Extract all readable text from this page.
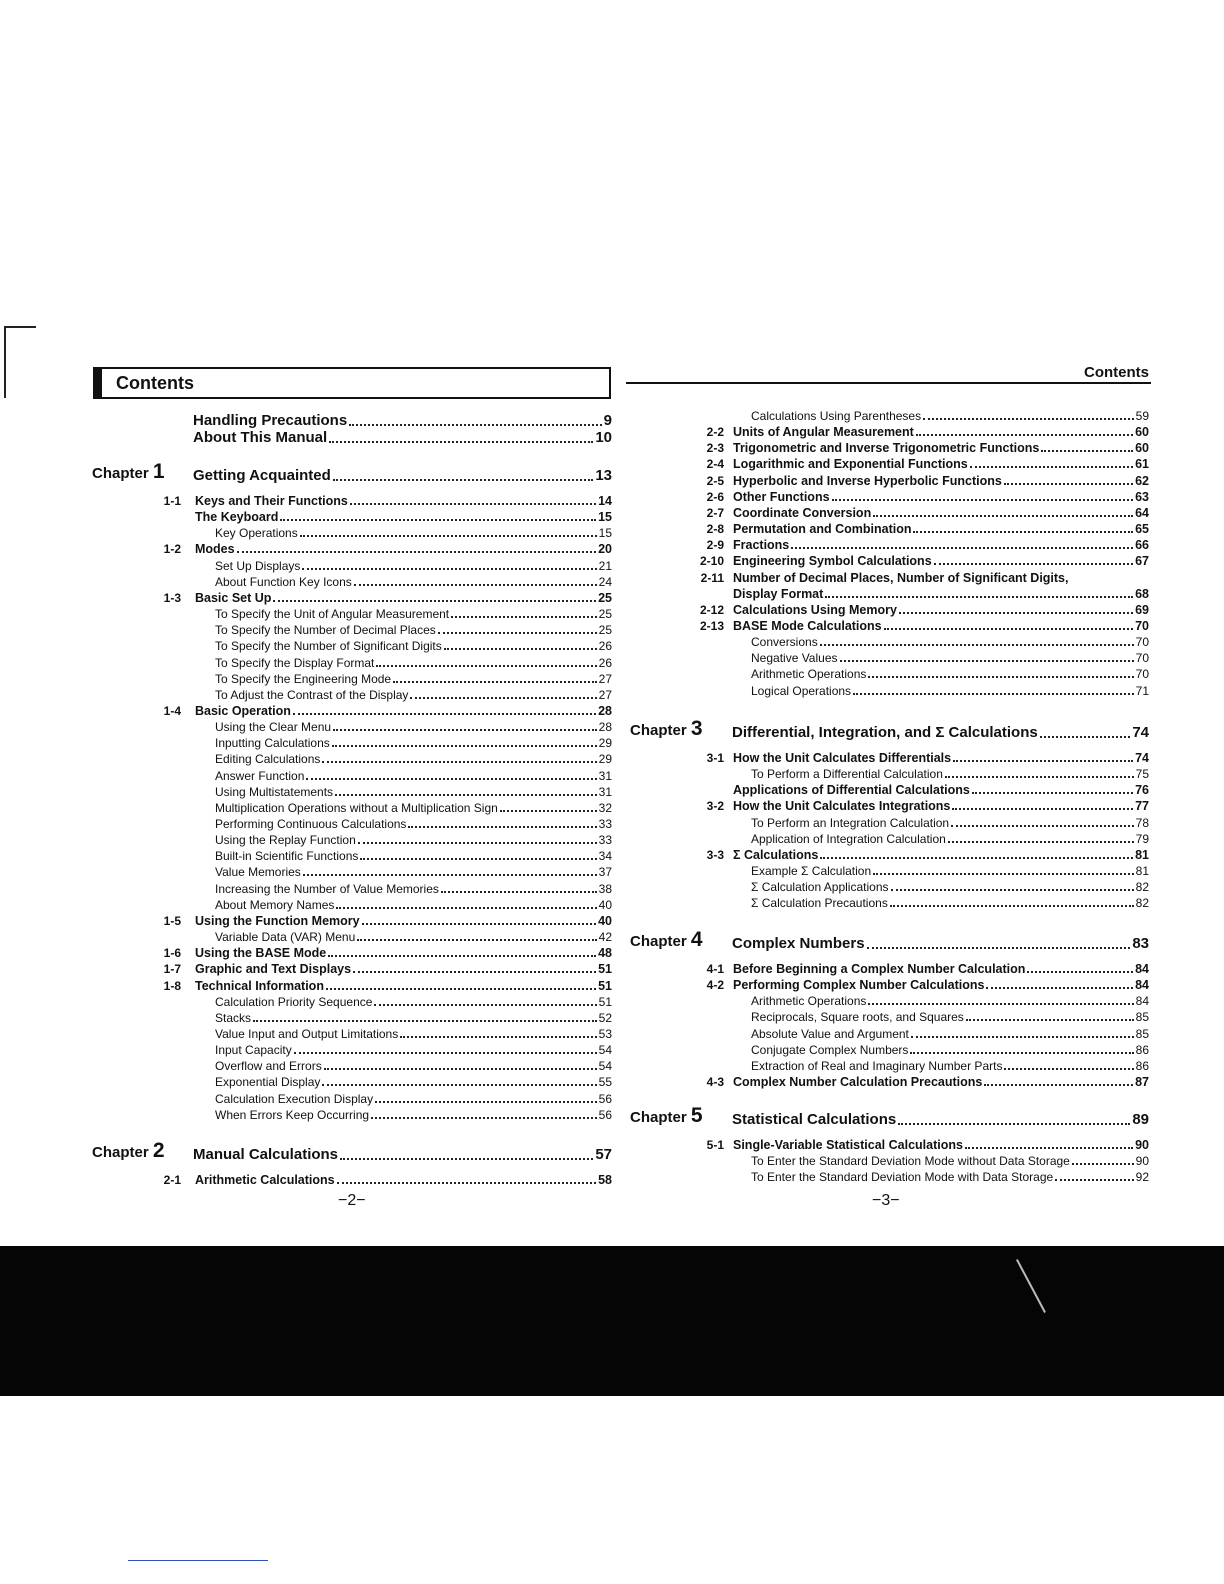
Contents
Handling Precautions	9
About This Manual	10
Chapter 1 Getting Acquainted	13
1-1 Keys and Their Functions	14
The Keyboard	15
Key Operations	15
1-2 Modes	20
Set Up Displays	21
About Function Key Icons	24
1-3 Basic Set Up	25
To Specify the Unit of Angular Measurement	25
To Specify the Number of Decimal Places	25
To Specify the Number of Significant Digits	26
To Specify the Display Format	26
To Specify the Engineering Mode	27
To Adjust the Contrast of the Display	27
1-4 Basic Operation	28
Using the Clear Menu	28
Inputting Calculations	29
Editing Calculations	29
Answer Function	31
Using Multistatements	31
Multiplication Operations without a Multiplication Sign	32
Performing Continuous Calculations	33
Using the Replay Function	33
Built-in Scientific Functions	34
Value Memories	37
Increasing the Number of Value Memories	38
About Memory Names	40
1-5 Using the Function Memory	40
Variable Data (VAR) Menu	42
1-6 Using the BASE Mode	48
1-7 Graphic and Text Displays	51
1-8 Technical Information	51
Calculation Priority Sequence	51
Stacks	52
Value Input and Output Limitations	53
Input Capacity	54
Overflow and Errors	54
Exponential Display	55
Calculation Execution Display	56
When Errors Keep Occurring	56
Chapter 2 Manual Calculations	57
2-1 Arithmetic Calculations	58
−2−
Contents
Calculations Using Parentheses	59
2-2 Units of Angular Measurement	60
2-3 Trigonometric and Inverse Trigonometric Functions	60
2-4 Logarithmic and Exponential Functions	61
2-5 Hyperbolic and Inverse Hyperbolic Functions	62
2-6 Other Functions	63
2-7 Coordinate Conversion	64
2-8 Permutation and Combination	65
2-9 Fractions	66
2-10 Engineering Symbol Calculations	67
2-11 Number of Decimal Places, Number of Significant Digits,
Display Format	68
2-12 Calculations Using Memory	69
2-13 BASE Mode Calculations	70
Conversions	70
Negative Values	70
Arithmetic Operations	70
Logical Operations	71
Chapter 3 Differential, Integration, and Σ Calculations	74
3-1 How the Unit Calculates Differentials	74
To Perform a Differential Calculation	75
Applications of Differential Calculations	76
3-2 How the Unit Calculates Integrations	77
To Perform an Integration Calculation	78
Application of Integration Calculation	79
3-3 Σ Calculations	81
Example Σ Calculation	81
Σ Calculation Applications	82
Σ Calculation Precautions	82
Chapter 4 Complex Numbers	83
4-1 Before Beginning a Complex Number Calculation	84
4-2 Performing Complex Number Calculations	84
Arithmetic Operations	84
Reciprocals, Square roots, and Squares	85
Absolute Value and Argument	85
Conjugate Complex Numbers	86
Extraction of Real and Imaginary Number Parts	86
4-3 Complex Number Calculation Precautions	87
Chapter 5 Statistical Calculations	89
5-1 Single-Variable Statistical Calculations	90
To Enter the Standard Deviation Mode without Data Storage	90
To Enter the Standard Deviation Mode with Data Storage	92
−3−
